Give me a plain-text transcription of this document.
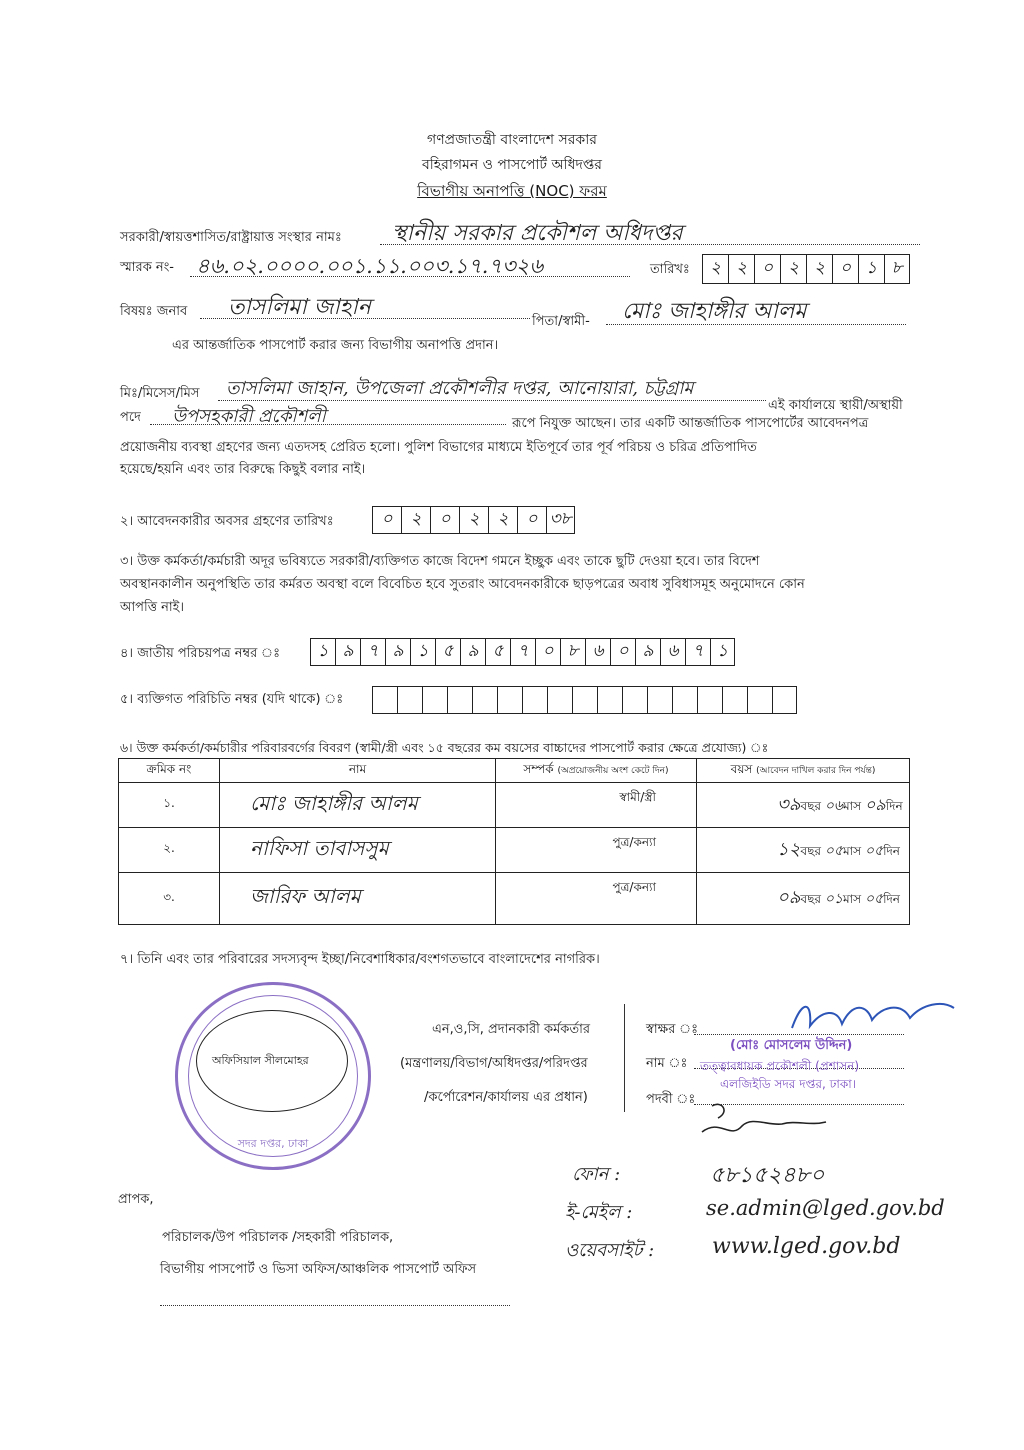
গণপ্রজাতন্ত্রী বাংলাদেশ সরকার
বহিরাগমন ও পাসপোর্ট অধিদপ্তর
বিভাগীয় অনাপত্তি (NOC) ফরম
সরকারী/স্বায়ত্তশাসিত/রাষ্ট্রায়াত্ত সংস্থার নামঃ স্থানীয় সরকার প্রকৌশল অধিদপ্তর
স্মারক নং- ৪৬.০২.০০০০.০০১.১১.০০৩.১৭.৭৩২৬	তারিখঃ	২ ২ ০ ২ ২ ০ ১ ৮
বিষয়ঃ জনাব তাসলিমা জাহান
পিতা/স্বামী- মোঃ জাহাঙ্গীর আলম
এর আন্তর্জাতিক পাসপোর্ট করার জন্য বিভাগীয় অনাপত্তি প্রদান।
মিঃ/মিসেস/মিস তাসলিমা জাহান, উপজেলা প্রকৌশলীর দপ্তর, আনোয়ারা, চট্টগ্রাম
এই কার্যালয়ে স্থায়ী/অস্থায়ী
পদে উপসহকারী প্রকৌশলী	রূপে নিযুক্ত আছেন। তার একটি আন্তর্জাতিক পাসপোর্টের আবেদনপত্র
প্রয়োজনীয় ব্যবস্থা গ্রহণের জন্য এতদসহ প্রেরিত হলো। পুলিশ বিভাগের মাধ্যমে ইতিপূর্বে তার পূর্ব পরিচয় ও চরিত্র প্রতিপাদিত
হয়েছে/হয়নি এবং তার বিরুদ্ধে কিছুই বলার নাই।
২। আবেদনকারীর অবসর গ্রহণের তারিখঃ	০	২	০	২	২	০ ৩৮
৩। উক্ত কর্মকর্তা/কর্মচারী অদূর ভবিষ্যতে সরকারী/ব্যক্তিগত কাজে বিদেশ গমনে ইচ্ছুক এবং তাকে ছুটি দেওয়া হবে। তার বিদেশ
অবস্থানকালীন অনুপস্থিতি তার কর্মরত অবস্থা বলে বিবেচিত হবে সুতরাং আবেদনকারীকে ছাড়পত্রের অবাধ সুবিধাসমূহ অনুমোদনে কোন
আপত্তি নাই।
৪। জাতীয় পরিচয়পত্র নম্বর ঃ	১ ৯ ৭ ৯ ১ ৫ ৯ ৫ ৭ ০ ৮ ৬ ০ ৯ ৬ ৭ ১
৫। ব্যক্তিগত পরিচিতি নম্বর (যদি থাকে) ঃ
৬। উক্ত কর্মকর্তা/কর্মচারীর পরিবারবর্গের বিবরণ (স্বামী/স্ত্রী এবং ১৫ বছরের কম বয়সের বাচ্চাদের পাসপোর্ট করার ক্ষেত্রে প্রযোজ্য) ঃ
ক্রমিক নং	নাম	সম্পর্ক (অপ্রয়োজনীয় অংশ কেটে দিন)	বয়স (আবেদন দাখিল করার দিন পর্যন্ত)
১.	মোঃ জাহাঙ্গীর আলম	স্বামী/স্ত্রী	৩৯বছর ০৬মাস ০৯দিন
২.	নাফিসা তাবাসসুম	পুত্র/কন্যা	১২বছর ০৫মাস ০৫দিন
৩.	জারিফ আলম	পুত্র/কন্যা	০৯বছর ০১মাস ০৫দিন
৭। তিনি এবং তার পরিবারের সদস্যবৃন্দ ইচ্ছা/নিবেশাধিকার/বংশগতভাবে বাংলাদেশের নাগরিক।
সদর দপ্তর, ঢাকা
অফিসিয়াল সীলমোহর
এন,ও,সি, প্রদানকারী কর্মকর্তার
(মন্ত্রণালয়/বিভাগ/অধিদপ্তর/পরিদপ্তর
/কর্পোরেশন/কার্যালয় এর প্রধান)
স্বাক্ষর ঃ
নাম ঃ
পদবী ঃ
(মোঃ মোসলেম উদ্দিন)
তত্ত্বাবধায়ক প্রকৌশলী (প্রশাসন)
এলজিইডি সদর দপ্তর, ঢাকা।
ফোন :	৫৮১৫২৪৮০
ই-মেইল :	se.admin@lged.gov.bd
ওয়েবসাইট :	www.lged.gov.bd
প্রাপক,
পরিচালক/উপ পরিচালক /সহকারী পরিচালক,
বিভাগীয় পাসপোর্ট ও ভিসা অফিস/আঞ্চলিক পাসপোর্ট অফিস
